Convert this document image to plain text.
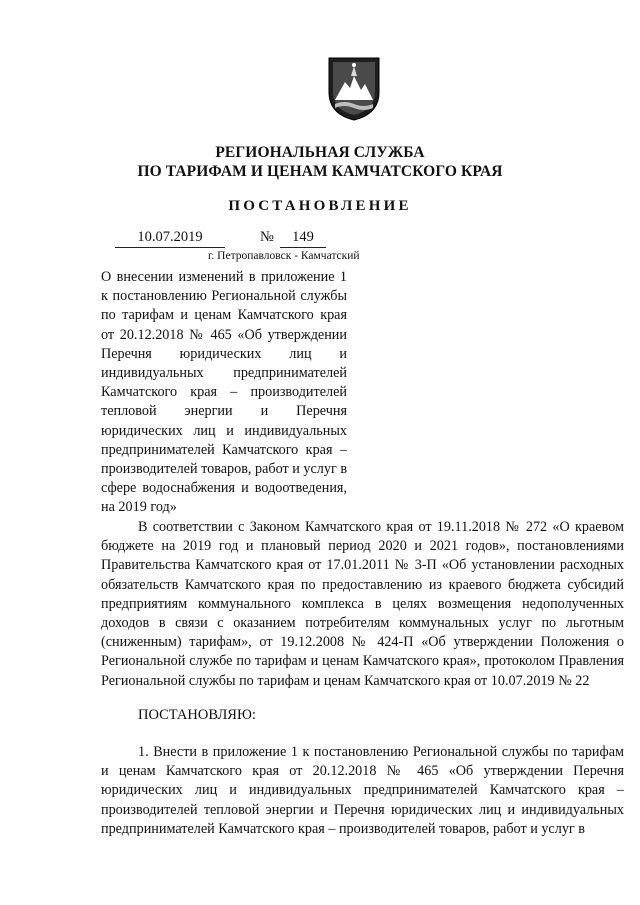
РЕГИОНАЛЬНАЯ СЛУЖБА
ПО ТАРИФАМ И ЦЕНАМ КАМЧАТСКОГО КРАЯ
ПОСТАНОВЛЕНИЕ
10.07.2019	№	149
г. Петропавловск - Камчатский
О внесении изменений в приложение 1 к постановлению Региональной службы по тарифам и ценам Камчатского края от 20.12.2018 № 465 «Об утверждении Перечня юридических лиц и индивидуальных предпринимателей Камчатского края – производителей тепловой энергии и Перечня юридических лиц и индивидуальных предпринимателей Камчатского края – производителей товаров, работ и услуг в сфере водоснабжения и водоотведения, на 2019 год»
В соответствии с Законом Камчатского края от 19.11.2018 № 272 «О краевом бюджете на 2019 год и плановый период 2020 и 2021 годов», постановлениями Правительства Камчатского края от 17.01.2011 № 3-П «Об установлении расходных обязательств Камчатского края по предоставлению из краевого бюджета субсидий предприятиям коммунального комплекса в целях возмещения недополученных доходов в связи с оказанием потребителям коммунальных услуг по льготным (сниженным) тарифам», от 19.12.2008 № 424-П «Об утверждении Положения о Региональной службе по тарифам и ценам Камчатского края», протоколом Правления Региональной службы по тарифам и ценам Камчатского края от 10.07.2019 № 22
ПОСТАНОВЛЯЮ:
1. Внести в приложение 1 к постановлению Региональной службы по тарифам и ценам Камчатского края от 20.12.2018 № 465 «Об утверждении Перечня юридических лиц и индивидуальных предпринимателей Камчатского края – производителей тепловой энергии и Перечня юридических лиц и индивидуальных предпринимателей Камчатского края – производителей товаров, работ и услуг в
